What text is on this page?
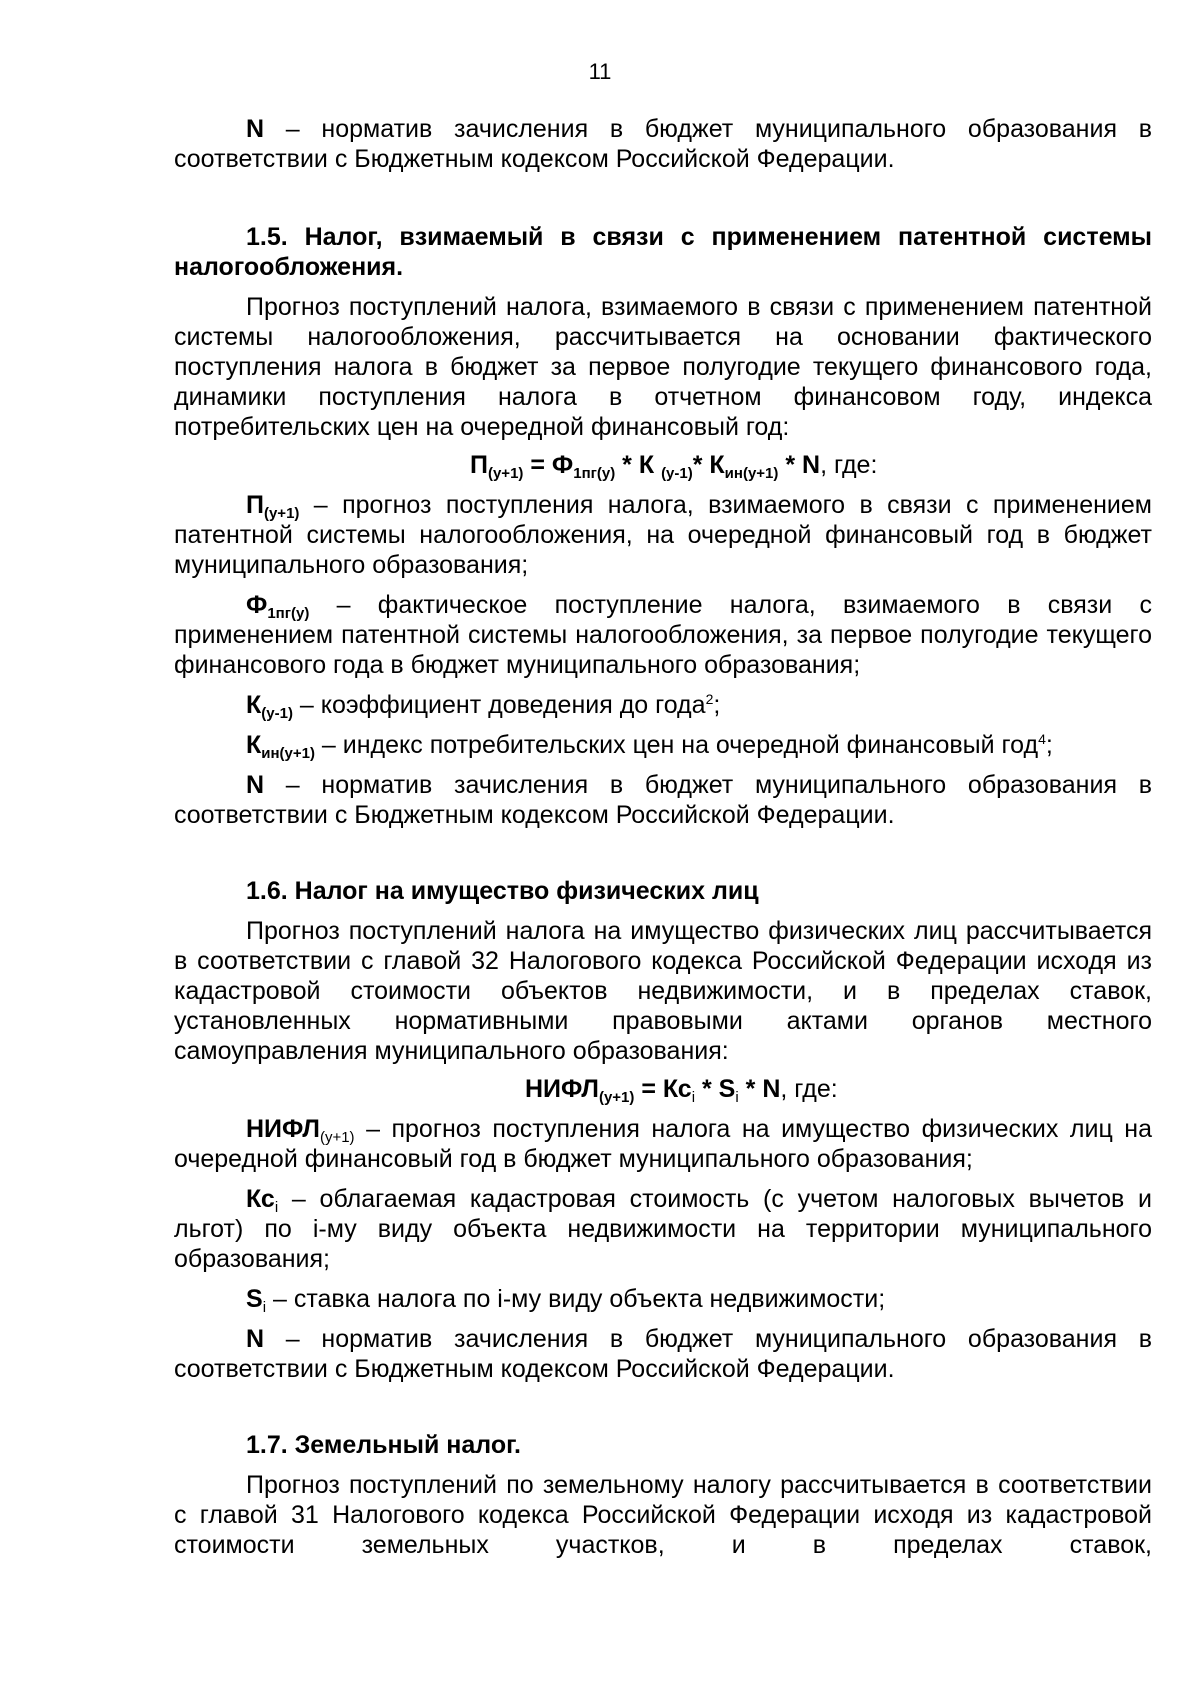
11

N – норматив зачисления в бюджет муниципального образования в соответствии с Бюджетным кодексом Российской Федерации.

1.5. Налог, взимаемый в связи с применением патентной системы налогообложения.

Прогноз поступлений налога, взимаемого в связи с применением патентной системы налогообложения, рассчитывается на основании фактического поступления налога в бюджет за первое полугодие текущего финансового года, динамики поступления налога в отчетном финансовом году, индекса потребительских цен на очередной финансовый год:

$П_{(у+1)} = Ф_{1пг(у)} * К$ $_{(у-1)}$* $К_{ин(у+1)}$ * N, где:

$П_{(у+1)}$ – прогноз поступления налога, взимаемого в связи с применением патентной системы налогообложения, на очередной финансовый год в бюджет муниципального образования;

$Ф_{1пг(у)}$ – фактическое поступление налога, взимаемого в связи с применением патентной системы налогообложения, за первое полугодие текущего финансового года в бюджет муниципального образования;

$К_{(у-1)}$ – коэффициент доведения до года$^2$;

$К_{ин(у+1)}$ – индекс потребительских цен на очередной финансовый год$^4$;

N – норматив зачисления в бюджет муниципального образования в соответствии с Бюджетным кодексом Российской Федерации.

1.6. Налог на имущество физических лиц

Прогноз поступлений налога на имущество физических лиц рассчитывается в соответствии с главой 32 Налогового кодекса Российской Федерации исходя из кадастровой стоимости объектов недвижимости, и в пределах ставок, установленных нормативными правовыми актами органов местного самоуправления муниципального образования:

$НИФЛ_{(у+1)} = Кс_i * S_i * N$, где:

$НИФЛ_{(у+1)}$ – прогноз поступления налога на имущество физических лиц на очередной финансовый год в бюджет муниципального образования;

$Кс_i$ – облагаемая кадастровая стоимость (с учетом налоговых вычетов и льгот) по i-му виду объекта недвижимости на территории муниципального образования;

$S_i$ – ставка налога по i-му виду объекта недвижимости;

N – норматив зачисления в бюджет муниципального образования в соответствии с Бюджетным кодексом Российской Федерации.

1.7. Земельный налог.

Прогноз поступлений по земельному налогу рассчитывается в соответствии с главой 31 Налогового кодекса Российской Федерации исходя из кадастровой стоимости земельных участков, и в пределах ставок,
